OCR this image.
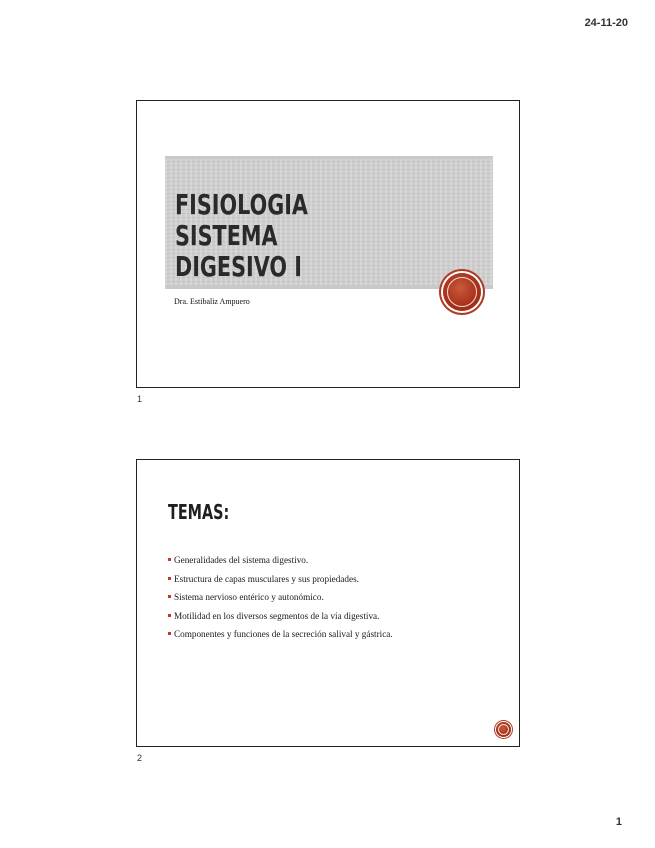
24-11-20
FISIOLOGIA SISTEMA
DIGESIVO I
Dra. Estibaliz Ampuero
1
TEMAS:
Generalidades del sistema digestivo.
Estructura de capas musculares y sus propiedades.
Sistema nervioso entérico y autonómico.
Motilidad en los diversos segmentos de la vía digestiva.
Componentes y funciones de la secreción salival y gástrica.
2
1
